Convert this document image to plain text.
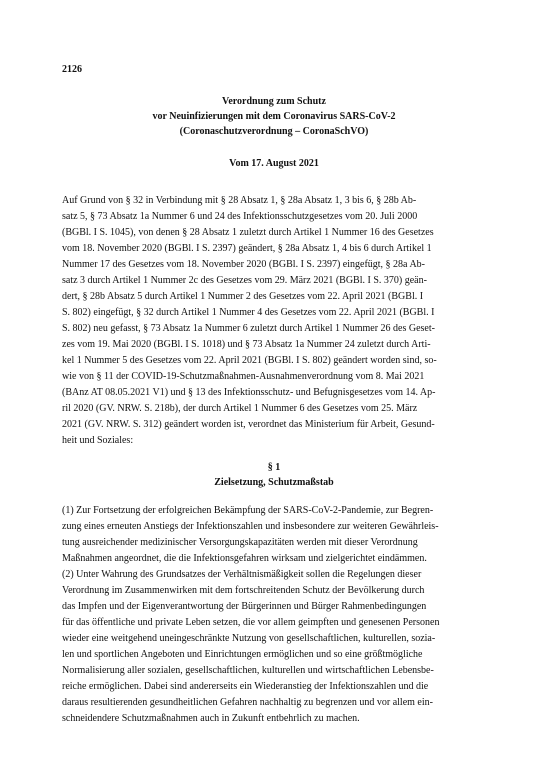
2126
Verordnung zum Schutz
vor Neuinfizierungen mit dem Coronavirus SARS-CoV-2
(Coronaschutzverordnung – CoronaSchVO)
Vom 17. August 2021
Auf Grund von § 32 in Verbindung mit § 28 Absatz 1, § 28a Absatz 1, 3 bis 6, § 28b Ab-
satz 5, § 73 Absatz 1a Nummer 6 und 24 des Infektionsschutzgesetzes vom 20. Juli 2000
(BGBl. I S. 1045), von denen § 28 Absatz 1 zuletzt durch Artikel 1 Nummer 16 des Gesetzes
vom 18. November 2020 (BGBl. I S. 2397) geändert, § 28a Absatz 1, 4 bis 6 durch Artikel 1
Nummer 17 des Gesetzes vom 18. November 2020 (BGBl. I S. 2397) eingefügt, § 28a Ab-
satz 3 durch Artikel 1 Nummer 2c des Gesetzes vom 29. März 2021 (BGBl. I S. 370) geän-
dert, § 28b Absatz 5 durch Artikel 1 Nummer 2 des Gesetzes vom 22. April 2021 (BGBl. I
S. 802) eingefügt, § 32 durch Artikel 1 Nummer 4 des Gesetzes vom 22. April 2021 (BGBl. I
S. 802) neu gefasst, § 73 Absatz 1a Nummer 6 zuletzt durch Artikel 1 Nummer 26 des Geset-
zes vom 19. Mai 2020 (BGBl. I S. 1018) und § 73 Absatz 1a Nummer 24 zuletzt durch Arti-
kel 1 Nummer 5 des Gesetzes vom 22. April 2021 (BGBl. I S. 802) geändert worden sind, so-
wie von § 11 der COVID-19-Schutzmaßnahmen-Ausnahmenverordnung vom 8. Mai 2021
(BAnz AT 08.05.2021 V1) und § 13 des Infektionsschutz- und Befugnisgesetzes vom 14. Ap-
ril 2020 (GV. NRW. S. 218b), der durch Artikel 1 Nummer 6 des Gesetzes vom 25. März
2021 (GV. NRW. S. 312) geändert worden ist, verordnet das Ministerium für Arbeit, Gesund-
heit und Soziales:
§ 1
Zielsetzung, Schutzmaßstab
(1) Zur Fortsetzung der erfolgreichen Bekämpfung der SARS-CoV-2-Pandemie, zur Begren-
zung eines erneuten Anstiegs der Infektionszahlen und insbesondere zur weiteren Gewährleis-
tung ausreichender medizinischer Versorgungskapazitäten werden mit dieser Verordnung
Maßnahmen angeordnet, die die Infektionsgefahren wirksam und zielgerichtet eindämmen.
(2) Unter Wahrung des Grundsatzes der Verhältnismäßigkeit sollen die Regelungen dieser
Verordnung im Zusammenwirken mit dem fortschreitenden Schutz der Bevölkerung durch
das Impfen und der Eigenverantwortung der Bürgerinnen und Bürger Rahmenbedingungen
für das öffentliche und private Leben setzen, die vor allem geimpften und genesenen Personen
wieder eine weitgehend uneingeschränkte Nutzung von gesellschaftlichen, kulturellen, sozia-
len und sportlichen Angeboten und Einrichtungen ermöglichen und so eine größtmögliche
Normalisierung aller sozialen, gesellschaftlichen, kulturellen und wirtschaftlichen Lebensbe-
reiche ermöglichen. Dabei sind andererseits ein Wiederanstieg der Infektionszahlen und die
daraus resultierenden gesundheitlichen Gefahren nachhaltig zu begrenzen und vor allem ein-
schneidendere Schutzmaßnahmen auch in Zukunft entbehrlich zu machen.
